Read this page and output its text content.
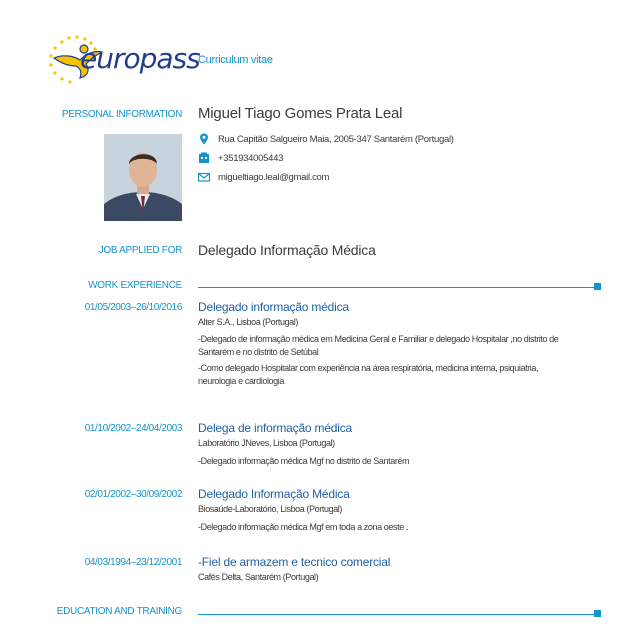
europass
Curriculum vitae
PERSONAL INFORMATION Miguel Tiago Gomes Prata Leal
Rua Capitão Salgueiro Maia, 2005-347 Santarém (Portugal)
+351934005443
migueltiago.leal@gmail.com
JOB APPLIED FOR Delegado Informação Médica
WORK EXPERIENCE
01/05/2003–26/10/2016 Delegado informação médica
Alter S.A., Lisboa (Portugal)
-Delegado de informação médica em Medicina Geral e Familiar e delegado Hospitalar ,no distrito de
Santarém e no distrito de Setúbal
-Como delegado Hospitalar com experiência na área respiratória, medicina interna, psiquiatria,
neurologia e cardiologia
01/10/2002–24/04/2003 Delega de informação médica
Laboratório JNeves, Lisboa (Portugal)
-Delegado informação médica Mgf no distrito de Santarém
02/01/2002–30/09/2002 Delegado Informação Médica
Biosaúde-Laboratório, Lisboa (Portugal)
-Delegado informação médica Mgf em toda a zona oeste .
04/03/1994–23/12/2001 -Fiel de armazem e tecnico comercial
Cafés Delta, Santarém (Portugal)
EDUCATION AND TRAINING
